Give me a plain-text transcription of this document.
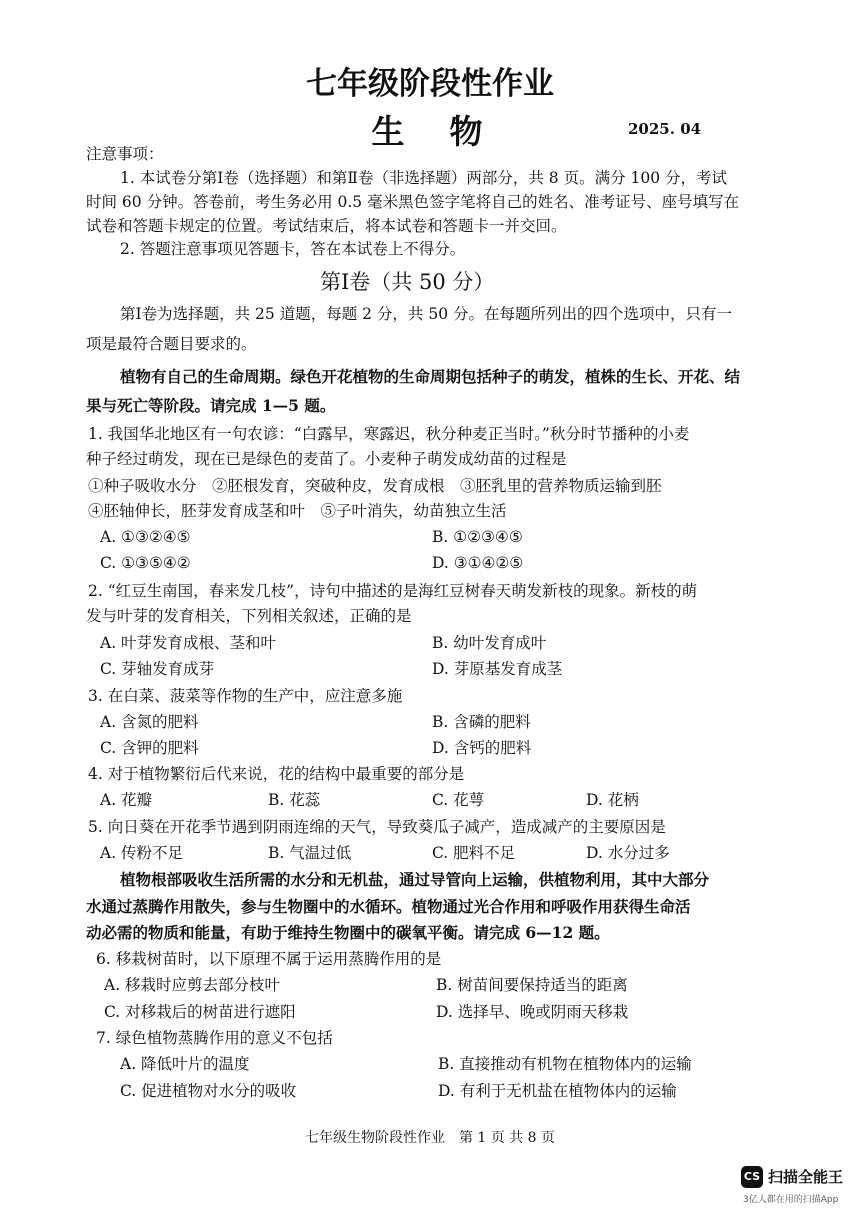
七年级阶段性作业
生　物	2025. 04
注意事项：
1. 本试卷分第Ⅰ卷（选择题）和第Ⅱ卷（非选择题）两部分，共 8 页。满分 100 分，考试
时间 60 分钟。答卷前，考生务必用 0.5 毫米黑色签字笔将自己的姓名、准考证号、座号填写在
试卷和答题卡规定的位置。考试结束后，将本试卷和答题卡一并交回。
2. 答题注意事项见答题卡，答在本试卷上不得分。
第Ⅰ卷（共 50 分）
第Ⅰ卷为选择题，共 25 道题，每题 2 分，共 50 分。在每题所列出的四个选项中，只有一
项是最符合题目要求的。
植物有自己的生命周期。绿色开花植物的生命周期包括种子的萌发，植株的生长、开花、结
果与死亡等阶段。请完成 1—5 题。
1. 我国华北地区有一句农谚：“白露早，寒露迟，秋分种麦正当时。”秋分时节播种的小麦
种子经过萌发，现在已是绿色的麦苗了。小麦种子萌发成幼苗的过程是
①种子吸收水分　②胚根发育，突破种皮，发育成根　③胚乳里的营养物质运输到胚
④胚轴伸长，胚芽发育成茎和叶　⑤子叶消失，幼苗独立生活
A. ①③②④⑤	B. ①②③④⑤
C. ①③⑤④②	D. ③①④②⑤
2. “红豆生南国，春来发几枝”，诗句中描述的是海红豆树春天萌发新枝的现象。新枝的萌
发与叶芽的发育相关，下列相关叙述，正确的是
A. 叶芽发育成根、茎和叶	B. 幼叶发育成叶
C. 芽轴发育成芽	D. 芽原基发育成茎
3. 在白菜、菠菜等作物的生产中，应注意多施
A. 含氮的肥料	B. 含磷的肥料
C. 含钾的肥料	D. 含钙的肥料
4. 对于植物繁衍后代来说，花的结构中最重要的部分是
A. 花瓣	B. 花蕊	C. 花萼	D. 花柄
5. 向日葵在开花季节遇到阴雨连绵的天气，导致葵瓜子减产，造成减产的主要原因是
A. 传粉不足	B. 气温过低	C. 肥料不足	D. 水分过多
植物根部吸收生活所需的水分和无机盐，通过导管向上运输，供植物利用，其中大部分
水通过蒸腾作用散失，参与生物圈中的水循环。植物通过光合作用和呼吸作用获得生命活
动必需的物质和能量，有助于维持生物圈中的碳氧平衡。请完成 6—12 题。
6. 移栽树苗时，以下原理不属于运用蒸腾作用的是
A. 移栽时应剪去部分枝叶	B. 树苗间要保持适当的距离
C. 对移栽后的树苗进行遮阳	D. 选择早、晚或阴雨天移栽
7. 绿色植物蒸腾作用的意义不包括
A. 降低叶片的温度	B. 直接推动有机物在植物体内的运输
C. 促进植物对水分的吸收	D. 有利于无机盐在植物体内的运输
七年级生物阶段性作业　第 1 页 共 8 页
CS 扫描全能王
3亿人都在用的扫描App
